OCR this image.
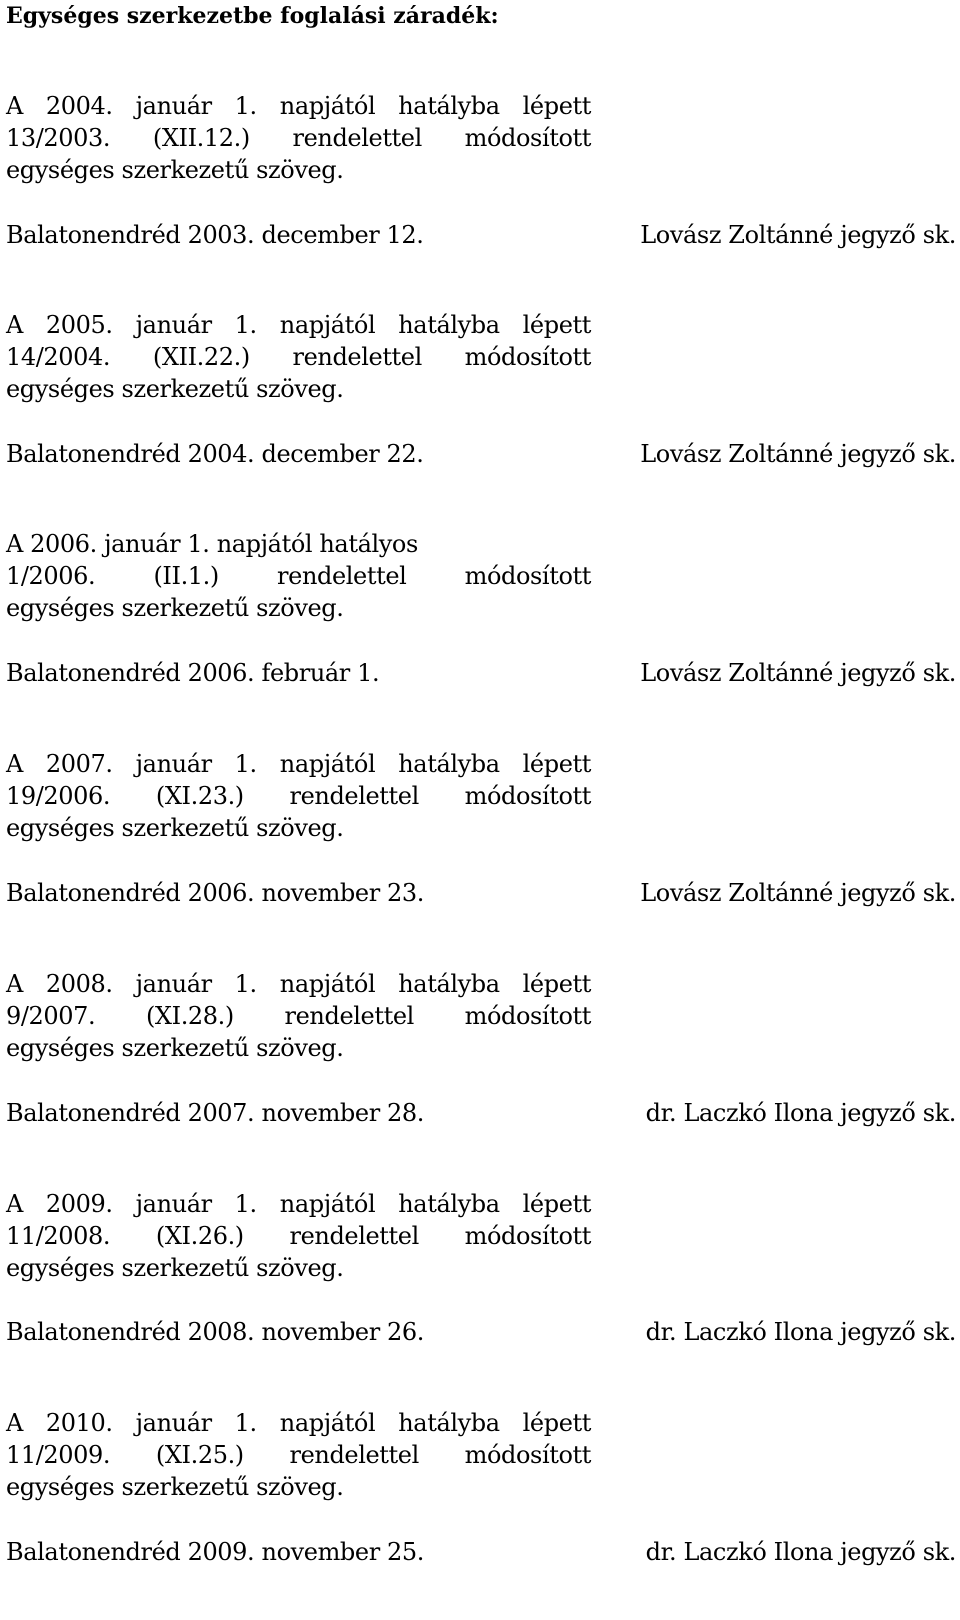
Egységes szerkezetbe foglalási záradék:
A 2004. január 1. napjától hatályba lépett
13/2003. (XII.12.) rendelettel módosított
egységes szerkezetű szöveg.
Balatonendréd 2003. december 12.	Lovász Zoltánné jegyző sk.
A 2005. január 1. napjától hatályba lépett
14/2004. (XII.22.) rendelettel módosított
egységes szerkezetű szöveg.
Balatonendréd 2004. december 22.	Lovász Zoltánné jegyző sk.
A 2006. január 1. napjától hatályos
1/2006. (II.1.) rendelettel módosított
egységes szerkezetű szöveg.
Balatonendréd 2006. február 1.	Lovász Zoltánné jegyző sk.
A 2007. január 1. napjától hatályba lépett
19/2006. (XI.23.) rendelettel módosított
egységes szerkezetű szöveg.
Balatonendréd 2006. november 23.	Lovász Zoltánné jegyző sk.
A 2008. január 1. napjától hatályba lépett
9/2007. (XI.28.) rendelettel módosított
egységes szerkezetű szöveg.
Balatonendréd 2007. november 28.	dr. Laczkó Ilona jegyző sk.
A 2009. január 1. napjától hatályba lépett
11/2008. (XI.26.) rendelettel módosított
egységes szerkezetű szöveg.
Balatonendréd 2008. november 26.	dr. Laczkó Ilona jegyző sk.
A 2010. január 1. napjától hatályba lépett
11/2009. (XI.25.) rendelettel módosított
egységes szerkezetű szöveg.
Balatonendréd 2009. november 25.	dr. Laczkó Ilona jegyző sk.
